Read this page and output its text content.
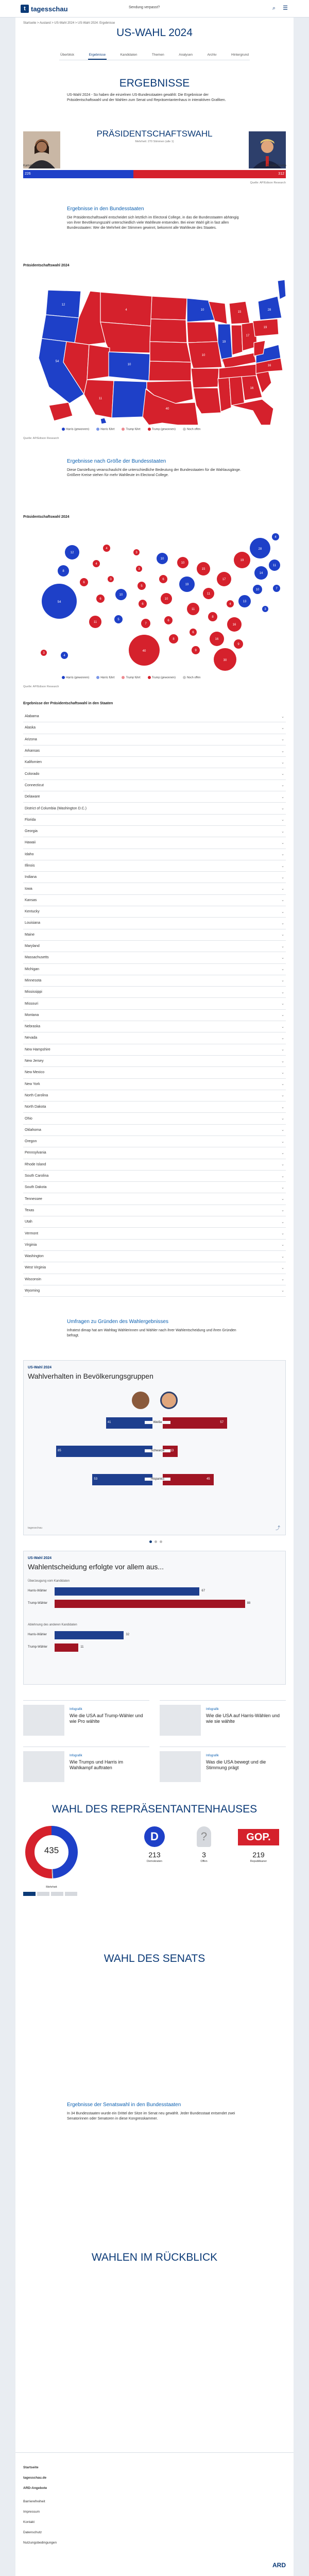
t tagesschau	Sendung verpasst?	⌕ ☰
Startseite > Ausland > US-Wahl 2024 > US-Wahl 2024: Ergebnisse
US-WAHL 2024
Überblick	Ergebnisse	Kandidaten	Themen	Analysen	Archiv	Hintergrund
ERGEBNISSE
US-Wahl 2024 - So haben die einzelnen US-Bundesstaaten gewählt: Die Ergebnisse der Präsidentschaftswahl und der Wahlen zum Senat und Repräsentantenhaus in interaktiven Grafiken.
PRÄSIDENTSCHAFTSWAHL
Mehrheit: 270 Stimmen (alle 1)
Kamala Harris	Donald Trump
226	312
Quelle: AP/Edison Research
Ergebnisse in den Bundesstaaten
Die Präsidentschaftswahl entscheidet sich letztlich im Electoral College, in das die Bundesstaaten abhängig von ihrer Bevölkerungszahl unterschiedlich viele Wahlleute entsenden. Bei einer Wahl gilt in fast allen Bundesstaaten: Wer die Mehrheit der Stimmen gewinnt, bekommt alle Wahlleute des Staates.
Präsidentschaftswahl 2024
12
54
11
40
4
10
10
10
19
15
30
16
19
28
16
17
Harris (gewonnen)	Harris führt	Trump führt	Trump (gewonnen)	Noch offen
Quelle: AP/Edison Research
Ergebnisse nach Größe der Bundesstaaten
Diese Darstellung veranschaulicht die unterschiedliche Bedeutung der Bundesstaaten für die Wahlausgänge. Größere Kreise stehen für mehr Wahlleute im Electoral College.
Präsidentschaftswahl 2024
12
8
54
6
4
4
3
6
10
11
5
3
3
5
6
7
40
10
6
10
6
8
10
19
11
6
9
15
11
8
16
30
17
4
16
9
19
13
28
14
10
11
4
3
7
3
4
Harris (gewonnen)	Harris führt	Trump führt	Trump (gewonnen)	Noch offen
Quelle: AP/Edison Research
Ergebnisse der Präsidentschaftswahl in den Staaten
Alabama	⌄
Alaska	⌄
Arizona	⌄
Arkansas	⌄
Kalifornien	⌄
Colorado	⌄
Connecticut	⌄
Delaware	⌄
District of Columbia (Washington D.C.)	⌄
Florida	⌄
Georgia	⌄
Hawaii	⌄
Idaho	⌄
Illinois	⌄
Indiana	⌄
Iowa	⌄
Kansas	⌄
Kentucky	⌄
Louisiana	⌄
Maine	⌄
Maryland	⌄
Massachusetts	⌄
Michigan	⌄
Minnesota	⌄
Mississippi	⌄
Missouri	⌄
Montana	⌄
Nebraska	⌄
Nevada	⌄
New Hampshire	⌄
New Jersey	⌄
New Mexico	⌄
New York	⌄
North Carolina	⌄
North Dakota	⌄
Ohio	⌄
Oklahoma	⌄
Oregon	⌄
Pennsylvania	⌄
Rhode Island	⌄
South Carolina	⌄
South Dakota	⌄
Tennessee	⌄
Texas	⌄
Utah	⌄
Vermont	⌄
Virginia	⌄
Washington	⌄
West Virginia	⌄
Wisconsin	⌄
Wyoming	⌄
Umfragen zu Gründen des Wahlergebnisses
Infratest dimap hat am Wahltag Wählerinnen und Wähler nach ihrer Wahlentscheidung und ihren Gründen befragt.
US-Wahl 2024
Wahlverhalten in Bevölkerungsgruppen
Weiße
41	57
Schwarze
85	13
Hispanics
53	45
tagesschau	⤴
US-Wahl 2024
Wahlentscheidung erfolgte vor allem aus...
Überzeugung vom Kandidaten
Ablehnung des anderen Kandidaten
Harris-Wähler	67
Trump-Wähler	88
Harris-Wähler	32
Trump-Wähler	11
Infografik
Wie die USA auf Trump-Wähler und wie Pro wählte
Infografik
Wie die USA auf Harris-Wählen und wie sie wählte
Infografik
Wie Trumps und Harris im Wahlkampf auftraten
Infografik
Was die USA bewegt und die Stimmung prägt
WAHL DES REPRÄSENTANTENHAUSES
435
Mehrheit
D
213
Demokraten
?
3
Offen
GOP.
219
Republikaner
WAHL DES SENATS
Ergebnisse der Senatswahl in den Bundesstaaten
In 34 Bundesstaaten wurde ein Drittel der Sitze im Senat neu gewählt. Jeder Bundesstaat entsendet zwei Senatorinnen oder Senatoren in diese Kongresskammer.
WAHLEN IM RÜCKBLICK
Startseite
tagesschau.de
ARD-Angebote
Barrierefreiheit
Impressum
Kontakt
Datenschutz
Nutzungsbedingungen
ARD
